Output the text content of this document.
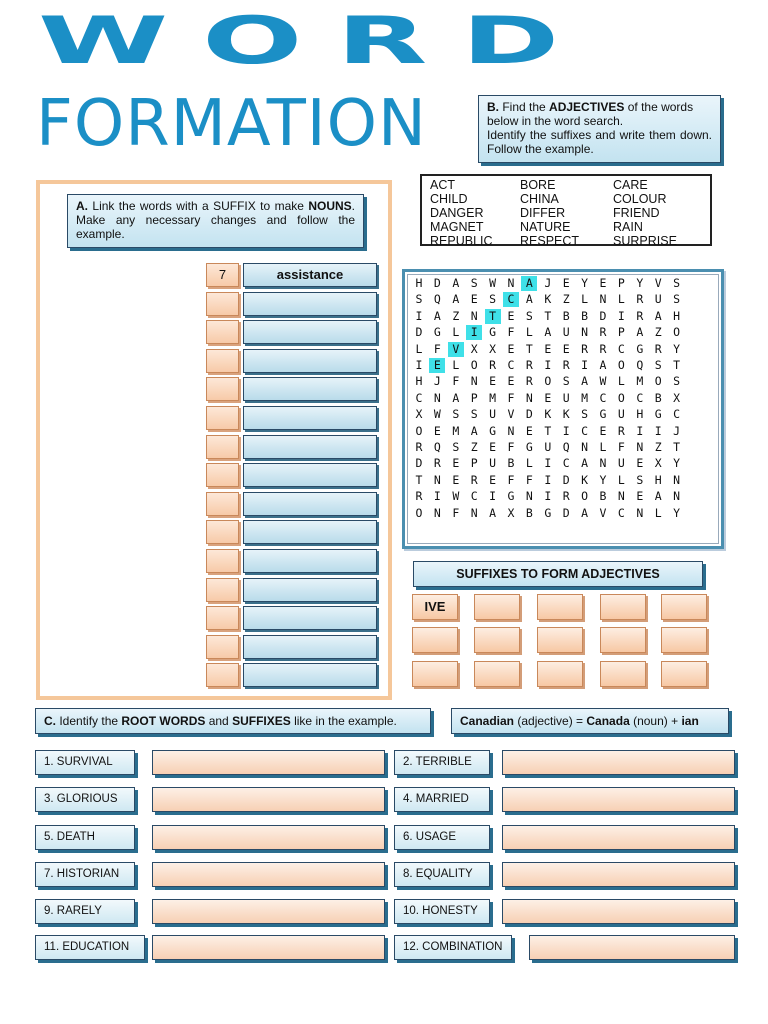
WORD
FORMATION	B. Find the ADJECTIVES of the words below in the word search.

Identify the suffixes and write them down. Follow the example.
A. Link the words with a SUFFIX to make NOUNS. Make any necessary changes and follow the example.
7	assistance
ACT	BORE	CARE
CHILD	CHINA	COLOUR
DANGER	DIFFER	FRIEND
MAGNET	NATURE	RAIN
REPUBLIC RESPECT	SURPRISE
H D A S W N A J E Y E P Y V S
S Q A E S C A K Z L N L R U S
I A Z N T E S T B B D I R A H
D G L I G F L A U N R P A Z O
L F V X X E T E E R R C G R Y
I E L O R C R I R I A O Q S T
H J F N E E R O S A W L M O S
C N A P M F N E U M C O C B X
X W S S U V D K K S G U H G C
O E M A G N E T I C E R I I J
R Q S Z E F G U Q N L F N Z T
D R E P U B L I C A N U E X Y
T N E R E F F I D K Y L S H N
R I W C I G N I R O B N E A N
O N F N A X B G D A V C N L Y
SUFFIXES TO FORM ADJECTIVES
IVE
C. Identify the ROOT WORDS and SUFFIXES like in the example.	Canadian (adjective) = Canada (noun) + ian
1. SURVIVAL	2. TERRIBLE
3. GLORIOUS	4. MARRIED
5. DEATH	6. USAGE
7. HISTORIAN	8. EQUALITY
9. RARELY	10. HONESTY
11. EDUCATION	12. COMBINATION
